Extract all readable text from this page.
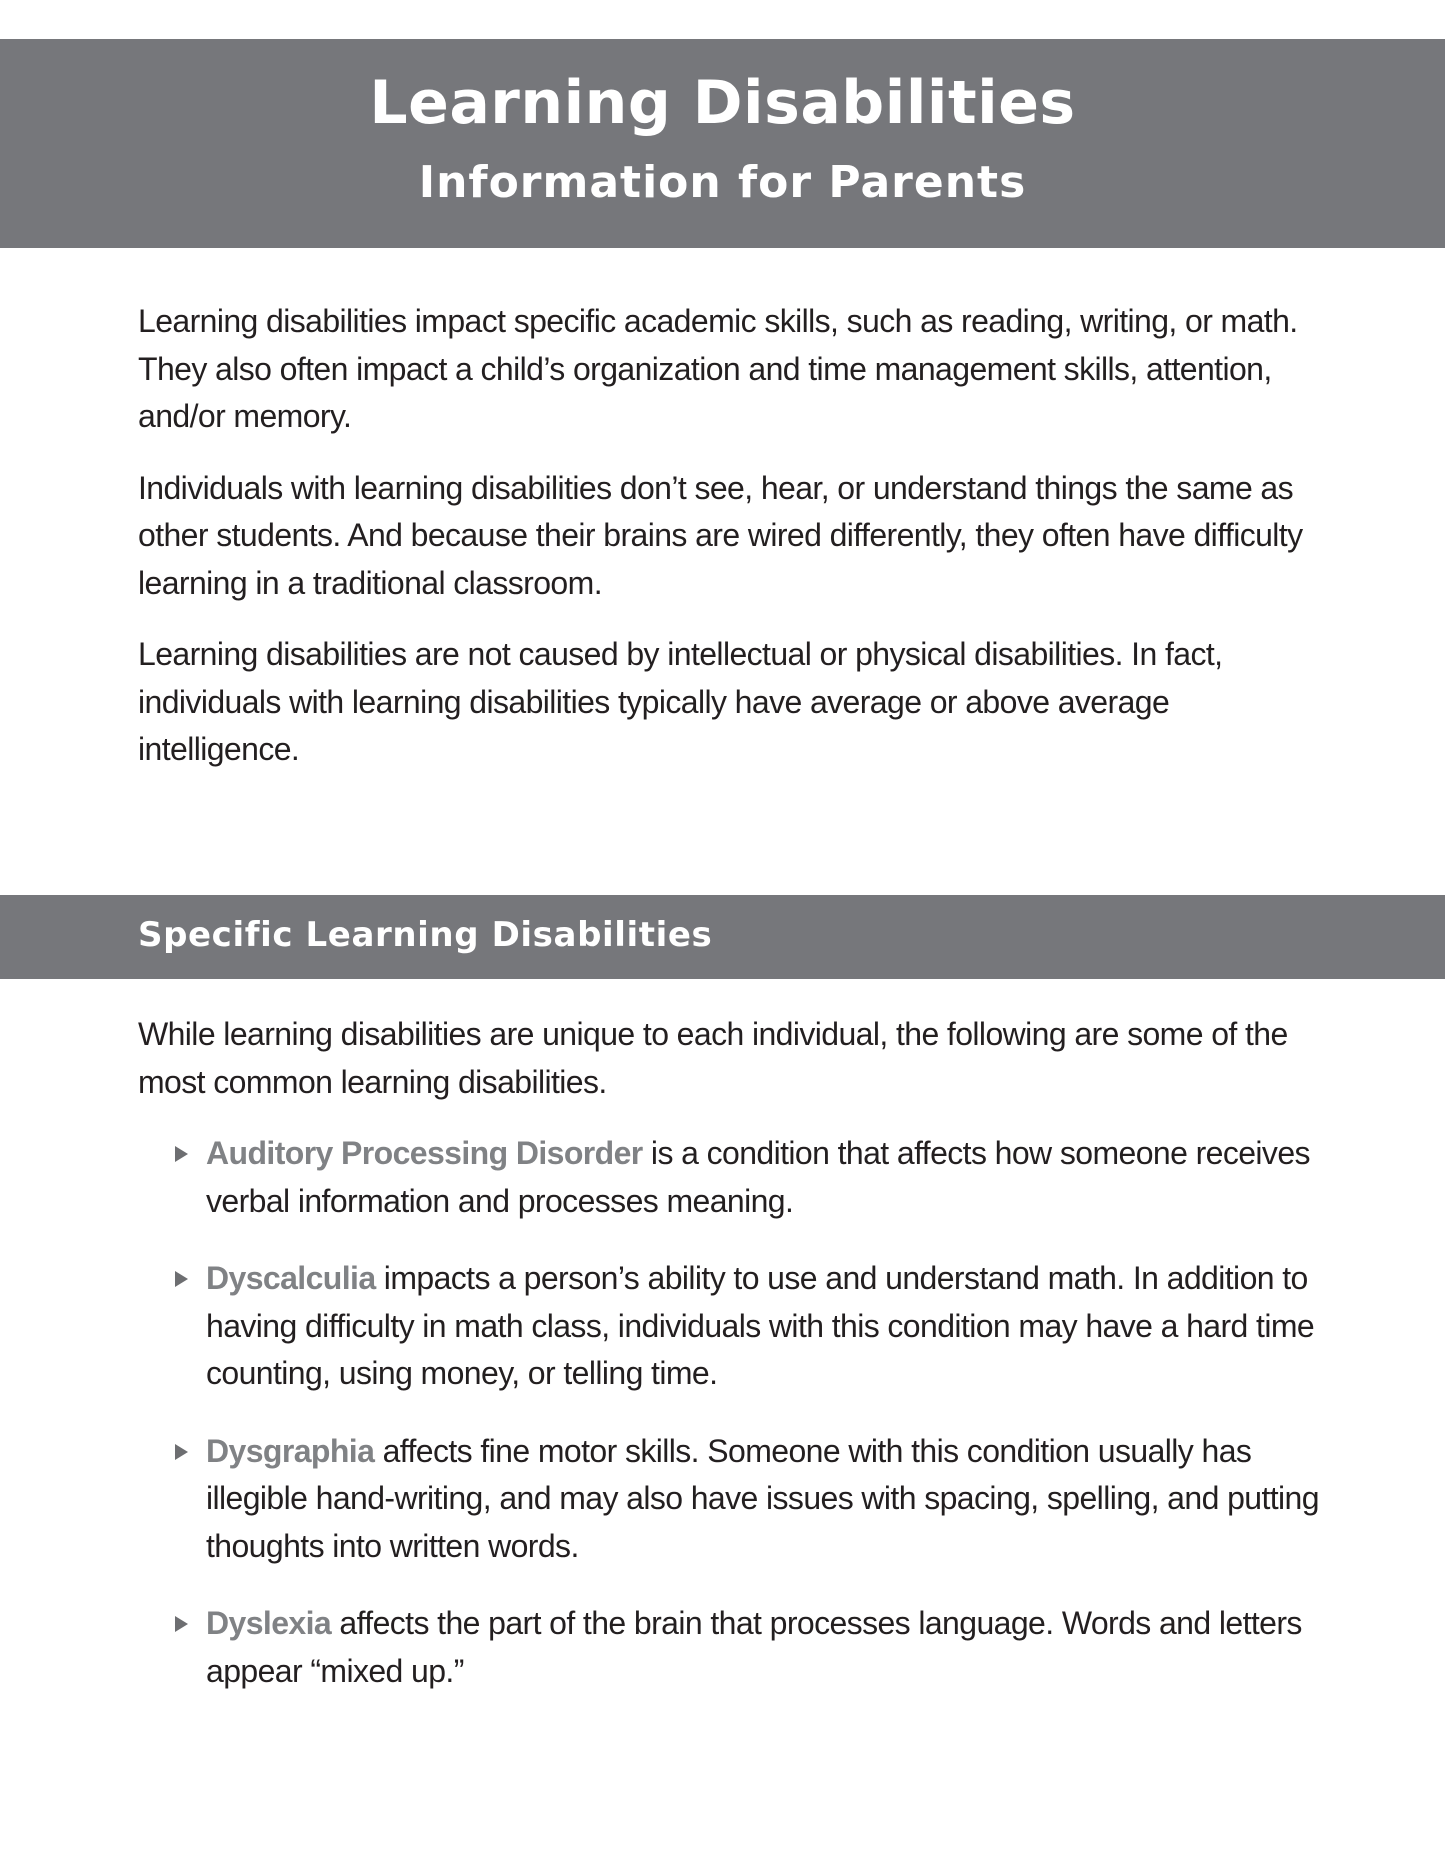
Learning Disabilities
Information for Parents

Learning disabilities impact specific academic skills, such as reading, writing, or math. They also often impact a child’s organization and time management skills, attention, and/or memory.

Individuals with learning disabilities don’t see, hear, or understand things the same as other students. And because their brains are wired differently, they often have difficulty learning in a traditional classroom.

Learning disabilities are not caused by intellectual or physical disabilities. In fact, individuals with learning disabilities typically have average or above average intelligence.

Specific Learning Disabilities

While learning disabilities are unique to each individual, the following are some of the most common learning disabilities.

Auditory Processing Disorder is a condition that affects how someone receives verbal information and processes meaning.
Dyscalculia impacts a person’s ability to use and understand math. In addition to having difficulty in math class, individuals with this condition may have a hard time counting, using money, or telling time.
Dysgraphia affects fine motor skills. Someone with this condition usually has illegible hand-writing, and may also have issues with spacing, spelling, and putting thoughts into written words.
Dyslexia affects the part of the brain that processes language. Words and letters appear “mixed up.”
